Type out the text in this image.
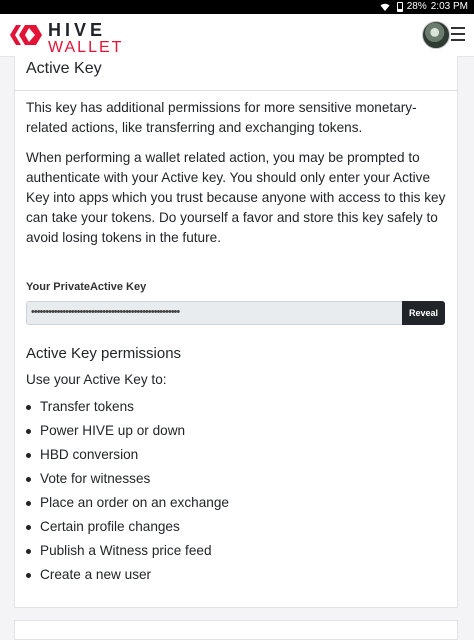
28% 2:03 PM
HIVE
WALLET
Active Key

This key has additional permissions for more sensitive monetary-related actions, like transferring and exchanging tokens.

When performing a wallet related action, you may be prompted to authenticate with your Active key. You should only enter your Active Key into apps which you trust because anyone with access to this key can take your tokens. Do yourself a favor and store this key safely to avoid losing tokens in the future.

Your PrivateActive Key
••••••••••••••••••••••••••••••••••••••••••••••••••••	Reveal
Active Key permissions
Use your Active Key to:
Transfer tokens
Power HIVE up or down
HBD conversion
Vote for witnesses
Place an order on an exchange
Certain profile changes
Publish a Witness price feed
Create a new user
